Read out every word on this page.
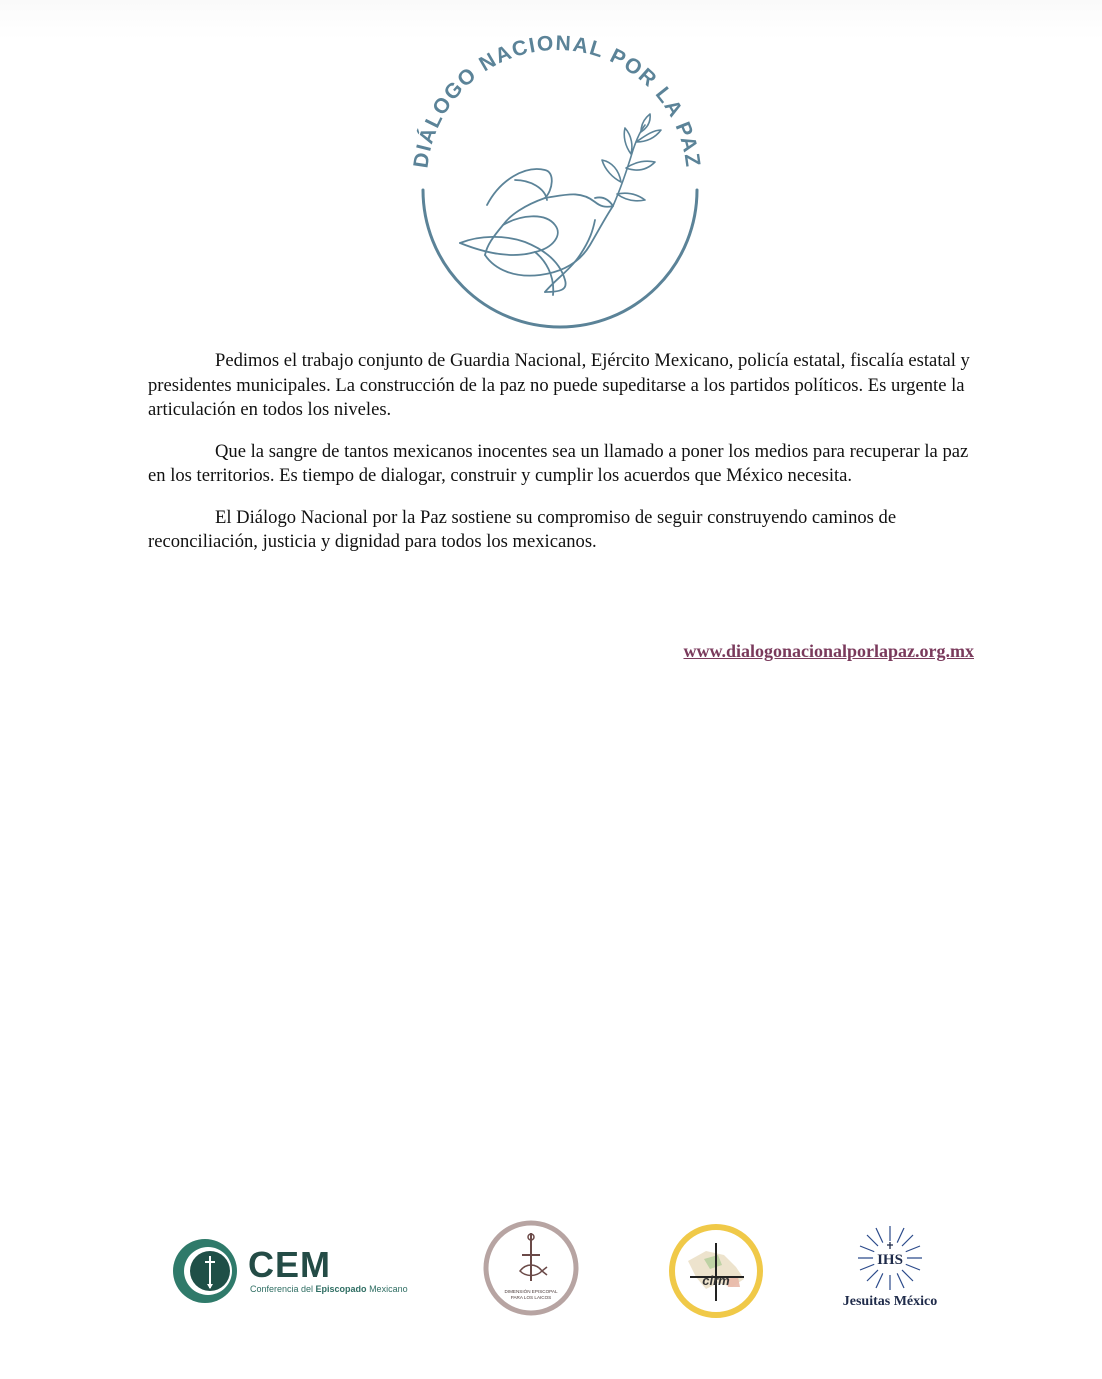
DIÁLOGO NACIONAL POR LA PAZ

Pedimos el trabajo conjunto de Guardia Nacional, Ejército Mexicano, policía estatal, fiscalía estatal y presidentes municipales. La construcción de la paz no puede supeditarse a los partidos políticos. Es urgente la articulación en todos los niveles.

Que la sangre de tantos mexicanos inocentes sea un llamado a poner los medios para recuperar la paz en los territorios. Es tiempo de dialogar, construir y cumplir los acuerdos que México necesita.

El Diálogo Nacional por la Paz sostiene su compromiso de seguir construyendo caminos de reconciliación, justicia y dignidad para todos los mexicanos.

www.dialogonacionalporlapaz.org.mx
CEM
Conferencia del Episcopado Mexicano	DIMENSIÓN EPISCOPAL
PARA LOS LAICOS
cirm
IHS
Jesuitas México
